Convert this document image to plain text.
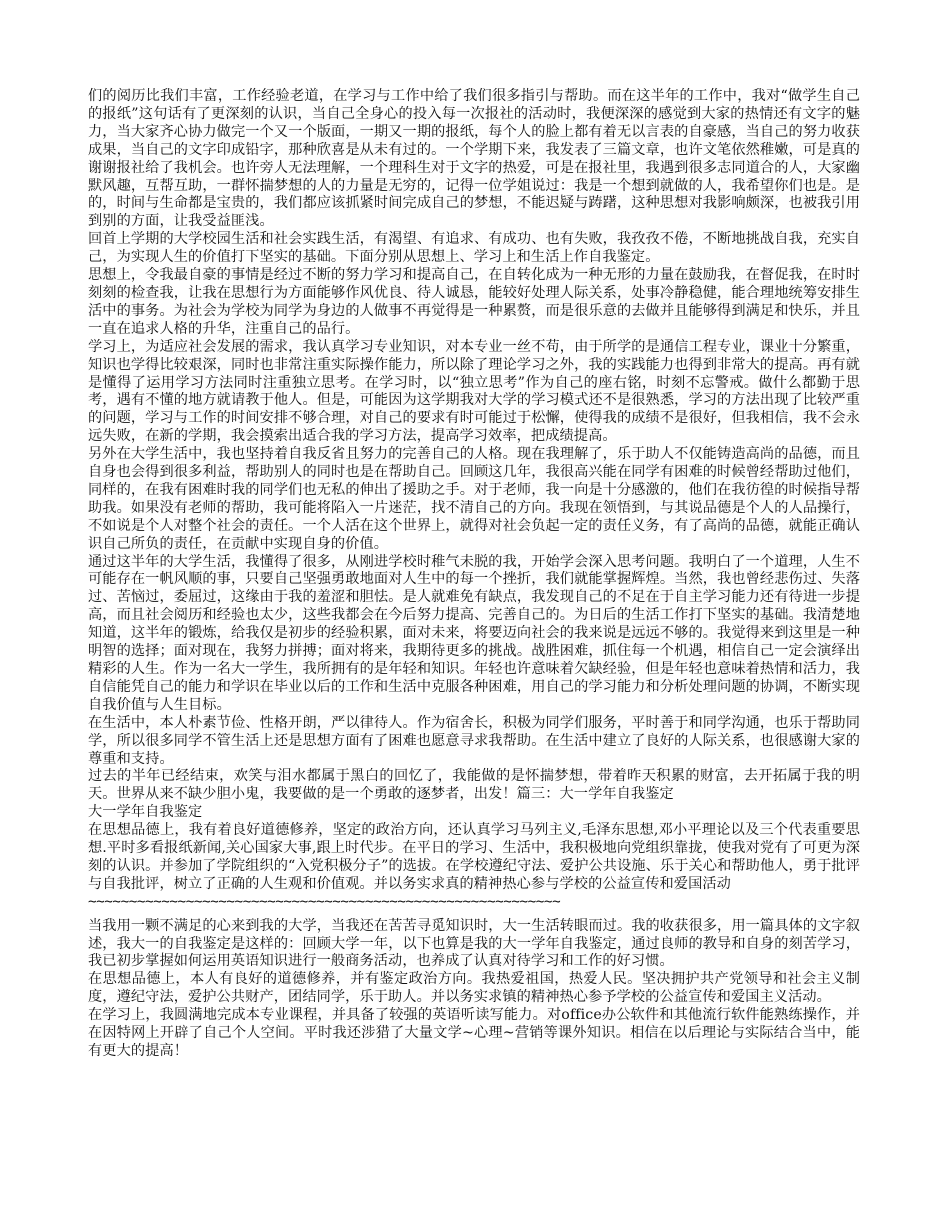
们的阅历比我们丰富，工作经验老道，在学习与工作中给了我们很多指引与帮助。而在这半年的工作中，我对“做学生自己的报纸”这句话有了更深刻的认识，当自己全身心的投入每一次报社的活动时，我便深深的感觉到大家的热情还有文字的魅力，当大家齐心协力做完一个又一个版面，一期又一期的报纸，每个人的脸上都有着无以言表的自豪感，当自己的努力收获成果，当自己的文字印成铅字，那种欣喜是从未有过的。一个学期下来，我发表了三篇文章，也许文笔依然稚嫩，可是真的谢谢报社给了我机会。也许旁人无法理解，一个理科生对于文字的热爱，可是在报社里，我遇到很多志同道合的人，大家幽默风趣，互帮互助，一群怀揣梦想的人的力量是无穷的，记得一位学姐说过：我是一个想到就做的人，我希望你们也是。是的，时间与生命都是宝贵的，我们都应该抓紧时间完成自己的梦想，不能迟疑与踌躇，这种思想对我影响颇深，也被我引用到别的方面，让我受益匪浅。

回首上学期的大学校园生活和社会实践生活，有渴望、有追求、有成功、也有失败，我孜孜不倦，不断地挑战自我，充实自己，为实现人生的价值打下坚实的基础。下面分别从思想上、学习上和生活上作自我鉴定。

思想上，令我最自豪的事情是经过不断的努力学习和提高自己，在自转化成为一种无形的力量在鼓励我，在督促我，在时时刻刻的检查我，让我在思想行为方面能够作风优良、待人诚恳，能较好处理人际关系，处事冷静稳健，能合理地统筹安排生活中的事务。为社会为学校为同学为身边的人做事不再觉得是一种累赘，而是很乐意的去做并且能够得到满足和快乐，并且一直在追求人格的升华，注重自己的品行。

学习上，为适应社会发展的需求，我认真学习专业知识，对本专业一丝不苟，由于所学的是通信工程专业，课业十分繁重，知识也学得比较艰深，同时也非常注重实际操作能力，所以除了理论学习之外，我的实践能力也得到非常大的提高。再有就是懂得了运用学习方法同时注重独立思考。在学习时，以“独立思考”作为自己的座右铭，时刻不忘警戒。做什么都勤于思考，遇有不懂的地方就请教于他人。但是，可能因为这学期我对大学的学习模式还不是很熟悉，学习的方法出现了比较严重的问题，学习与工作的时间安排不够合理，对自己的要求有时可能过于松懈，使得我的成绩不是很好，但我相信，我不会永远失败，在新的学期，我会摸索出适合我的学习方法，提高学习效率，把成绩提高。

另外在大学生活中，我也坚持着自我反省且努力的完善自己的人格。现在我理解了，乐于助人不仅能铸造高尚的品德，而且自身也会得到很多利益，帮助别人的同时也是在帮助自己。回顾这几年，我很高兴能在同学有困难的时候曾经帮助过他们，同样的，在我有困难时我的同学们也无私的伸出了援助之手。对于老师，我一向是十分感激的，他们在我彷徨的时候指导帮助我。如果没有老师的帮助，我可能将陷入一片迷茫，找不清自己的方向。我现在领悟到，与其说品德是个人的人品操行，不如说是个人对整个社会的责任。一个人活在这个世界上，就得对社会负起一定的责任义务，有了高尚的品德，就能正确认识自己所负的责任，在贡献中实现自身的价值。

通过这半年的大学生活，我懂得了很多，从刚进学校时稚气未脱的我，开始学会深入思考问题。我明白了一个道理，人生不可能存在一帆风顺的事，只要自己坚强勇敢地面对人生中的每一个挫折，我们就能掌握辉煌。当然，我也曾经悲伤过、失落过、苦恼过，委屈过，这缘由于我的羞涩和胆怯。是人就难免有缺点，我发现自己的不足在于自主学习能力还有待进一步提高，而且社会阅历和经验也太少，这些我都会在今后努力提高、完善自己的。为日后的生活工作打下坚实的基础。我清楚地知道，这半年的锻炼，给我仅是初步的经验积累，面对未来，将要迈向社会的我来说是远远不够的。我觉得来到这里是一种明智的选择；面对现在，我努力拼搏；面对将来，我期待更多的挑战。战胜困难，抓住每一个机遇，相信自己一定会演绎出精彩的人生。作为一名大一学生，我所拥有的是年轻和知识。年轻也许意味着欠缺经验，但是年轻也意味着热情和活力，我自信能凭自己的能力和学识在毕业以后的工作和生活中克服各种困难，用自己的学习能力和分析处理问题的协调，不断实现自我价值与人生目标。

在生活中，本人朴素节俭、性格开朗，严以律待人。作为宿舍长，积极为同学们服务，平时善于和同学沟通，也乐于帮助同学，所以很多同学不管生活上还是思想方面有了困难也愿意寻求我帮助。在生活中建立了良好的人际关系，也很感谢大家的尊重和支持。

过去的半年已经结束，欢笑与泪水都属于黑白的回忆了，我能做的是怀揣梦想，带着昨天积累的财富，去开拓属于我的明天。世界从来不缺少胆小鬼，我要做的是一个勇敢的逐梦者，出发！篇三：大一学年自我鉴定

大一学年自我鉴定

在思想品德上，我有着良好道德修养，坚定的政治方向，还认真学习马列主义,毛泽东思想,邓小平理论以及三个代表重要思想.平时多看报纸新闻,关心国家大事,跟上时代步。在平日的学习、生活中，我积极地向党组织靠拢，使我对党有了可更为深刻的认识。并参加了学院组织的“入党积极分子”的选拔。在学校遵纪守法、爱护公共设施、乐于关心和帮助他人，勇于批评与自我批评，树立了正确的人生观和价值观。并以务实求真的精神热心参与学校的公益宣传和爱国活动

~~~~~~~~~~~~~~~~~~~~~~~~~~~~~~~~~~~~~~~~~~~~~~~~~~~~~~~~~~

当我用一颗不满足的心来到我的大学，当我还在苦苦寻觅知识时，大一生活转眼而过。我的收获很多，用一篇具体的文字叙述，我大一的自我鉴定是这样的：回顾大学一年，以下也算是我的大一学年自我鉴定，通过良师的教导和自身的刻苦学习，我已初步掌握如何运用英语知识进行一般商务活动，也养成了认真对待学习和工作的好习惯。

在思想品德上，本人有良好的道德修养，并有鉴定政治方向。我热爱祖国，热爱人民。坚决拥护共产党领导和社会主义制度，遵纪守法，爱护公共财产，团结同学，乐于助人。并以务实求镇的精神热心参予学校的公益宣传和爱国主义活动。

在学习上，我圆满地完成本专业课程，并具备了较强的英语听读写能力。对office办公软件和其他流行软件能熟练操作，并在因特网上开辟了自己个人空间。平时我还涉猎了大量文学~心理~营销等课外知识。相信在以后理论与实际结合当中，能有更大的提高！
